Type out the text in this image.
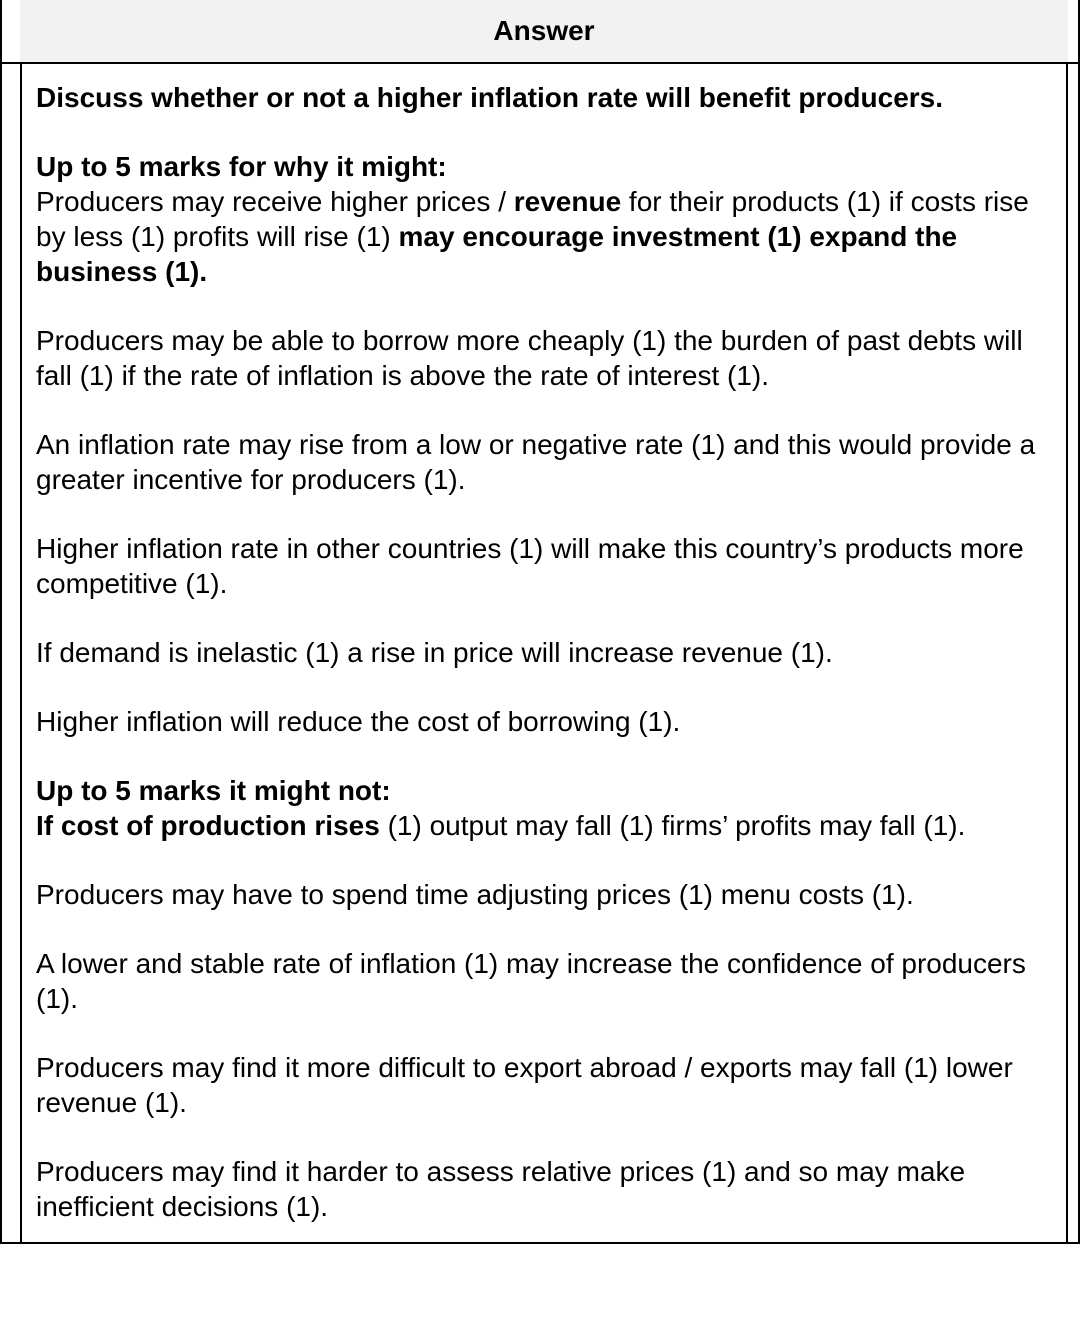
Answer

Discuss whether or not a higher inflation rate will benefit producers.

Up to 5 marks for why it might:
Producers may receive higher prices / revenue for their products (1) if costs rise by less (1) profits will rise (1) may encourage investment (1) expand the business (1).

Producers may be able to borrow more cheaply (1) the burden of past debts will fall (1) if the rate of inflation is above the rate of interest (1).

An inflation rate may rise from a low or negative rate (1) and this would provide a greater incentive for producers (1).

Higher inflation rate in other countries (1) will make this country’s products more competitive (1).

If demand is inelastic (1) a rise in price will increase revenue (1).

Higher inflation will reduce the cost of borrowing (1).

Up to 5 marks it might not:
If cost of production rises (1) output may fall (1) firms’ profits may fall (1).

Producers may have to spend time adjusting prices (1) menu costs (1).

A lower and stable rate of inflation (1) may increase the confidence of producers (1).

Producers may find it more difficult to export abroad / exports may fall (1) lower revenue (1).

Producers may find it harder to assess relative prices (1) and so may make inefficient decisions (1).
